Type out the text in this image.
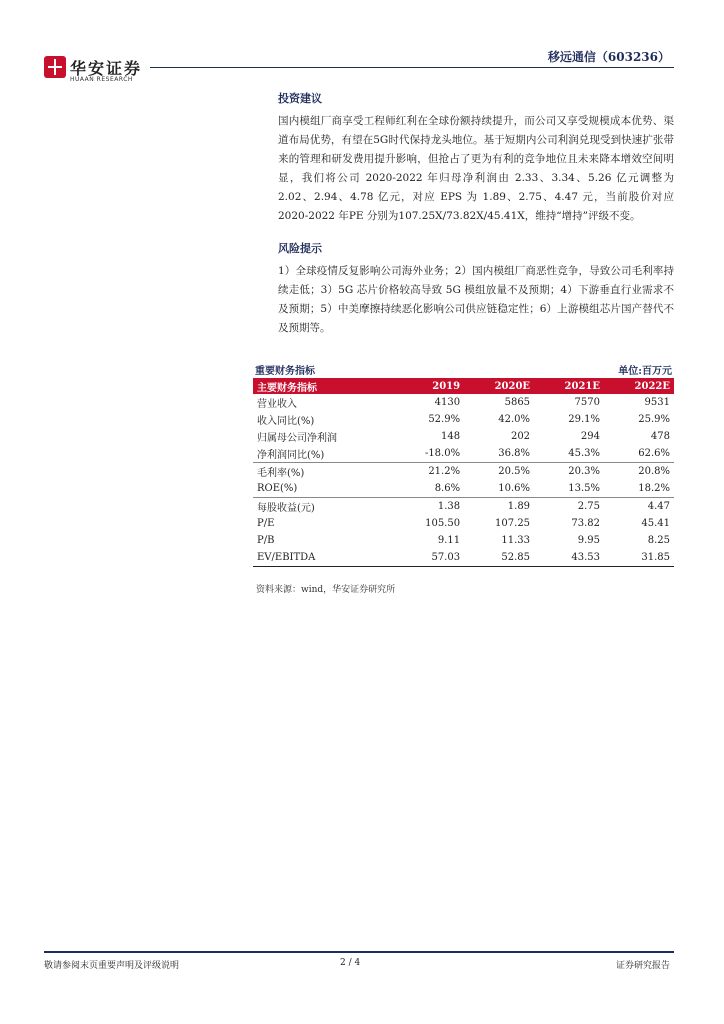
华安证券
HUAAN RESEARCH
移远通信（603236）
投资建议
国内模组厂商享受工程师红利在全球份额持续提升，而公司又享受规模成本优势、渠道布局优势，有望在5G时代保持龙头地位。基于短期内公司利润兑现受到快速扩张带来的管理和研发费用提升影响，但抢占了更为有利的竞争地位且未来降本增效空间明显，我们将公司 2020-2022 年归母净利润由 2.33、3.34、5.26 亿元调整为 2.02、2.94、4.78 亿元，对应 EPS 为 1.89、2.75、4.47 元，当前股价对应 2020-2022 年PE 分别为107.25X/73.82X/45.41X，维持“增持”评级不变。
风险提示
1）全球疫情反复影响公司海外业务；2）国内模组厂商恶性竞争，导致公司毛利率持续走低；3）5G 芯片价格较高导致 5G 模组放量不及预期；4）下游垂直行业需求不及预期；5）中美摩擦持续恶化影响公司供应链稳定性；6）上游模组芯片国产替代不及预期等。
重要财务指标	单位:百万元
主要财务指标	2019	2020E	2021E	2022E
营业收入	4130	5865	7570	9531
收入同比(%)	52.9%	42.0%	29.1%	25.9%
归属母公司净利润	148	202	294	478
净利润同比(%)	-18.0%	36.8%	45.3%	62.6%
毛利率(%)	21.2%	20.5%	20.3%	20.8%
ROE(%)	8.6%	10.6%	13.5%	18.2%
每股收益(元)	1.38	1.89	2.75	4.47
P/E	105.50	107.25	73.82	45.41
P/B	9.11	11.33	9.95	8.25
EV/EBITDA	57.03	52.85	43.53	31.85
资料来源：wind，华安证券研究所
敬请参阅末页重要声明及评级说明	2 / 4	证券研究报告
